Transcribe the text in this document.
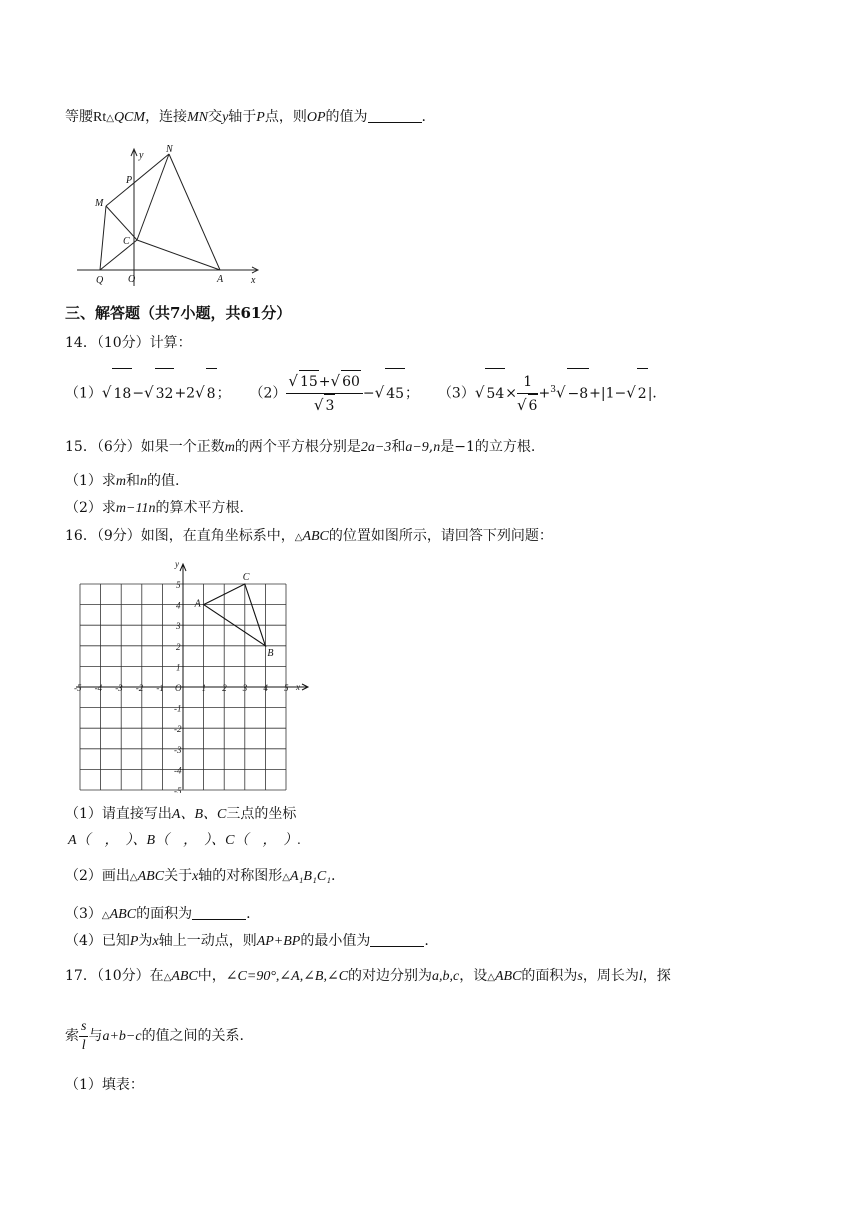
等腰Rt△QCM，连接MN交y轴于P点，则OP的值为	.
y
N
P
M
C
Q O	A	x
三、解答题（共7小题，共61分）
14．（10分）计算：
（1）√ 18−√ 32+2√ 8； $(2) \frac{√ 15+√ 60}{√ 3}$ −√ 45； （3）√ $54\times \frac{1}{√ 6} +^3√ -8+|1-√$ 2|．
15．（6分）如果一个正数m的两个平方根分别是2a−3和a−9,n是−1的立方根.
（1）求m和n的值.
（2）求m−11n的算术平方根.
16．（9分）如图，在直角坐标系中，△ABC的位置如图所示，请回答下列问题：
-5 -4 -3 -2 -1 O 1 2 3 4 5
5
4
3
2
1
-1
-2
-3
-4
-5
x
y
A
B
C
（1）请直接写出A、B、C三点的坐标
A（　，　）、B（　，　）、C（　，　）.
（2）画出△ABC关于x轴的对称图形△A₁B₁C₁.
（3）△ABC的面积为	.
（4）已知P为x轴上一动点，则AP+BP的最小值为	.
17．（10分）在△ABC中，∠C=90°,∠A,∠B,∠C的对边分别为a,b,c，设△ABC的面积为s，周长为l，探
索 $\frac{s}{l}$ 与a+b−c的值之间的关系.
（1）填表：
